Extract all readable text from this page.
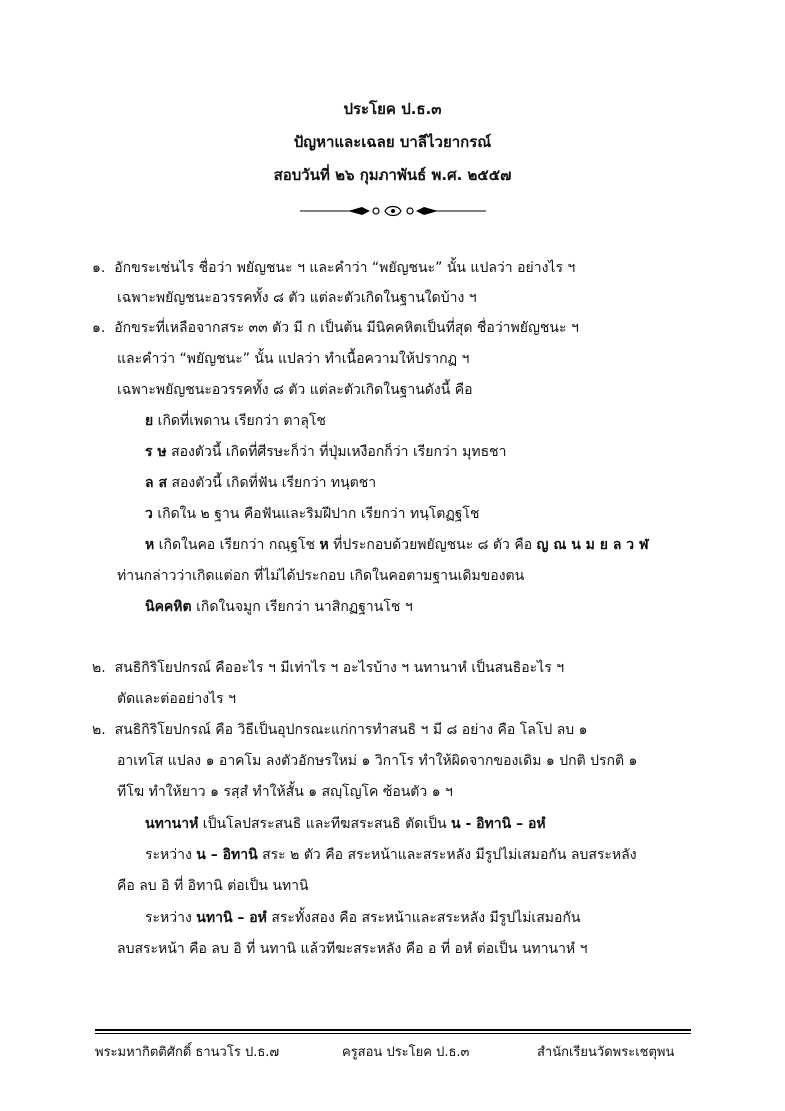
ประโยค ป.ธ.๓
ปัญหาและเฉลย บาลีไวยากรณ์
สอบวันที่ ๒๖ กุมภาพันธ์ พ.ศ. ๒๕๕๗
๑. อักขระเช่นไร ชื่อว่า พยัญชนะ ฯ และคำว่า “พยัญชนะ” นั้น แปลว่า อย่างไร ฯ
เฉพาะพยัญชนะอวรรคทั้ง ๘ ตัว แต่ละตัวเกิดในฐานใดบ้าง ฯ
๑. อักขระที่เหลือจากสระ ๓๓ ตัว มี ก เป็นต้น มีนิคคหิตเป็นที่สุด ชื่อว่าพยัญชนะ ฯ
และคำว่า “พยัญชนะ” นั้น แปลว่า ทำเนื้อความให้ปรากฏ ฯ
เฉพาะพยัญชนะอวรรคทั้ง ๘ ตัว แต่ละตัวเกิดในฐานดังนี้ คือ
ย เกิดที่เพดาน เรียกว่า ตาลุโช
ร ษ สองตัวนี้ เกิดที่ศีรษะก็ว่า ที่ปุ่มเหงือกก็ว่า เรียกว่า มุทธชา
ล ส สองตัวนี้ เกิดที่ฟัน เรียกว่า ทนฺตชา
ว เกิดใน ๒ ฐาน คือฟันและริมฝีปาก เรียกว่า ทนฺโตฏฐโช
ห เกิดในคอ เรียกว่า กณฺฐโช ห ที่ประกอบด้วยพยัญชนะ ๘ ตัว คือ ญ ณ น ม ย ล ว ฬ
ท่านกล่าวว่าเกิดแต่อก ที่ไม่ได้ประกอบ เกิดในคอตามฐานเดิมของตน
นิคคหิต เกิดในจมูก เรียกว่า นาสิกฏฐานโช ฯ
๒. สนธิกิริโยปกรณ์ คืออะไร ฯ มีเท่าไร ฯ อะไรบ้าง ฯ นทานาหํ เป็นสนธิอะไร ฯ
ตัดและต่ออย่างไร ฯ
๒. สนธิกิริโยปกรณ์ คือ วิธีเป็นอุปกรณะแก่การทำสนธิ ฯ มี ๘ อย่าง คือ โลโป ลบ ๑
อาเทโส แปลง ๑ อาคโม ลงตัวอักษรใหม่ ๑ วิกาโร ทำให้ผิดจากของเดิม ๑ ปกติ ปรกติ ๑
ทีโฆ ทำให้ยาว ๑ รสฺสํ ทำให้สั้น ๑ สญฺโญโค ซ้อนตัว ๑ ฯ
นทานาหํ เป็นโลปสระสนธิ และทีฆสระสนธิ ตัดเป็น น - อิทานิ – อหํ
ระหว่าง น – อิทานิ สระ ๒ ตัว คือ สระหน้าและสระหลัง มีรูปไม่เสมอกัน ลบสระหลัง
คือ ลบ อิ ที่ อิทานิ ต่อเป็น นทานิ
ระหว่าง นทานิ – อหํ สระทั้งสอง คือ สระหน้าและสระหลัง มีรูปไม่เสมอกัน
ลบสระหน้า คือ ลบ อิ ที่ นทานิ แล้วทีฆะสระหลัง คือ อ ที่ อหํ ต่อเป็น นทานาหํ ฯ
พระมหากิตติศักดิ์ ธานวโร ป.ธ.๗	ครูสอน ประโยค ป.ธ.๓	สำนักเรียนวัดพระเชตุพน
